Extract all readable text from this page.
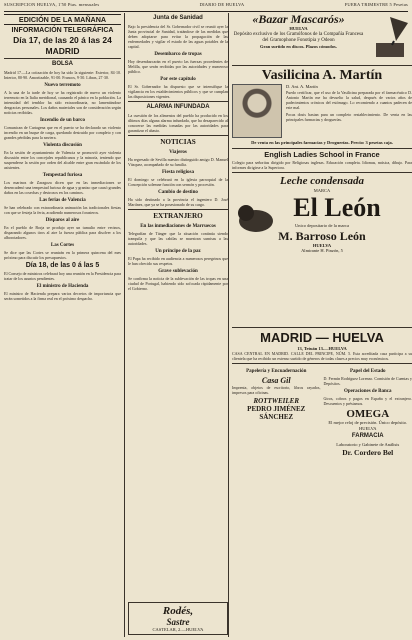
SUSCRIPCION HUELVA, 1'50 Ptas. mensuales	DIARIO DE HUELVA	FUERA TRIMESTRE 5 Pesetas
EDICIÓN DE LA MAÑANA
INFORMACIÓN TELEGRÁFICA
Día 17, de las 20 á las 24
MADRID
BOLSA

Madrid 17.—La cotización de hoy ha sido la siguiente: Exterior, 84·10. Interior, 80·90. Amortizable, 91·00. Francos, 9·50. Libras, 27·30.

Nuevo terremoto

A la una de la tarde de hoy se ha registrado de nuevo un violento terremoto en la Italia meridional, causando el pánico en la población. La intensidad del temblor ha sido extraordinaria, no lamentándose desgracias personales. Los daños materiales son de consideración según noticias recibidas.

Incendio de un barco

Comunican de Cartagena que en el puerto se ha declarado un violento incendio en un buque de carga, quedando destruido por completo y con grandes pérdidas para la naviera.

Violenta discusión

En la sesión de ayuntamiento de Valencia se promovió ayer violenta discusión entre los concejales republicanos y la minoría, teniendo que suspenderse la sesión por orden del alcalde entre gran escándalo de los asistentes.

Tempestad furiosa

Los marinos de Zaragoza dicen que en las inmediaciones se desencadenó una tempestad furiosa de agua y granizo que causó grandes daños en las cosechas y destrozos en los caminos.

Las ferias de Valencia

Se han celebrado con extraordinaria animación las tradicionales fiestas con que se festeja la feria, acudiendo numerosos forasteros.

Disparos al aire

En el pueblo de Borja se produjo ayer un tumulto entre vecinos, disparando algunos tiros al aire la fuerza pública para disolver a los alborotadores.

Las Cortes

Se dice que las Cortes se reunirán en la primera quincena del mes próximo para discutir los presupuestos.

Día 18, de las 0 á las 5

El Consejo de ministros celebrará hoy una reunión en la Presidencia para tratar de los asuntos pendientes.

El ministro de Hacienda

El ministro de Hacienda prepara varios decretos de importancia que serán sometidos a la firma real en el próximo despacho.

Junta de Sanidad

Bajo la presidencia del Sr. Gobernador civil se reunió ayer la Junta provincial de Sanidad, tratándose de las medidas que deben adoptarse para evitar la propagación de las enfermedades y vigilar el estado de las aguas potables de la capital.

Desembarco de tropas

Hoy desembarcarán en el puerto las fuerzas procedentes de Melilla, que serán recibidas por las autoridades y numeroso público.

Por este capítulo

El Sr. Gobernador ha dispuesto que se intensifique la vigilancia en los establecimientos públicos y que se cumplan las disposiciones vigentes.

ALARMA INFUNDADA

La cuestión de los alimentos del pueblo ha producido en los últimos días alguna alarma infundada, que ha desaparecido al conocerse las medidas tomadas por las autoridades para garantizar el abasto.

NOTICIAS
Viajeros

Ha regresado de Sevilla nuestro distinguido amigo D. Manuel Vázquez, acompañado de su familia.

Fiesta religiosa

El domingo se celebrará en la iglesia parroquial de la Concepción solemne función con sermón y procesión.

Cambio de destino

Ha sido destinado a la provincia el ingeniero D. José Martínez, que ya se ha posesionado de su cargo.

EXTRANJERO
En las inmediaciones de Marruecos

Telegrafían de Tánger que la situación continúa siendo tranquila y que las cabilas se muestran sumisas a las autoridades.

Un príncipe de la paz

El Papa ha recibido en audiencia a numerosos peregrinos que le han ofrecido sus respetos.

Grave sublevación

Se confirma la noticia de la sublevación de las tropas en una ciudad de Portugal, habiendo sido sofocada rápidamente por el Gobierno.

Rodés,
Sastre
CASTELAR, 2.—HUELVA
«Bazar Mascarós»
HUELVA
Depósito exclusivo de los Gramófonos de la Compañía Francesa del Gramophone Fonotipia y Odeon
Gran surtido en discos. Plazos cómodos.
Vasilicina A. Martín
D. Ant. A. Martín

Puedo certificar, que el uso de la Vasilicina preparada por el farmacéutico D. Antonio Martín me ha devuelto la salud, después de varios años de padecimientos crónicos del estómago. Lo recomiendo a cuantos padecen de este mal.

Pocas dosis bastan para un completo restablecimiento. De venta en las principales farmacias y droguerías.

De venta en las principales farmacias y Droguerías. Precio: 3 pesetas caja.
English Ladies School in France

Colegio para señoritas dirigido por Religiosas inglesas. Educación completa. Idiomas, música, dibujo. Para informes dirigirse a la Superiora.

Leche condensada
MARCA
El León
Unico depositario de la marca
M. Barroso León
HUELVA
Almirante H. Pinzón, 5
MADRID — HUELVA
13, Tetuán 13.—HUELVA

CASA CENTRAL EN MADRID. CALLE DEL PRINCIPE, NÚM. 5. Esta acreditada casa participa a su clientela que ha recibido un extenso surtido de géneros de todas clases a precios muy económicos.

Papelería y Encuadernación
Casa Gil

Imprenta, objetos de escritorio, libros rayados, impresos para oficinas.

ROTTWEILER
PEDRO JIMÉNEZ SÁNCHEZ
Papel del Estado

D. Fermín Rodríguez Lorenzo. Comisión de Cuentas y Depósitos.

Operaciones de Banca

Giros, cobros y pagos en España y el extranjero. Descuentos y préstamos.

OMEGA
El mejor reloj de precisión. Único depósito.
HUELVA
FARMACIA
Laboratorio y Gabinete de Análisis
Dr. Cordero Bel
